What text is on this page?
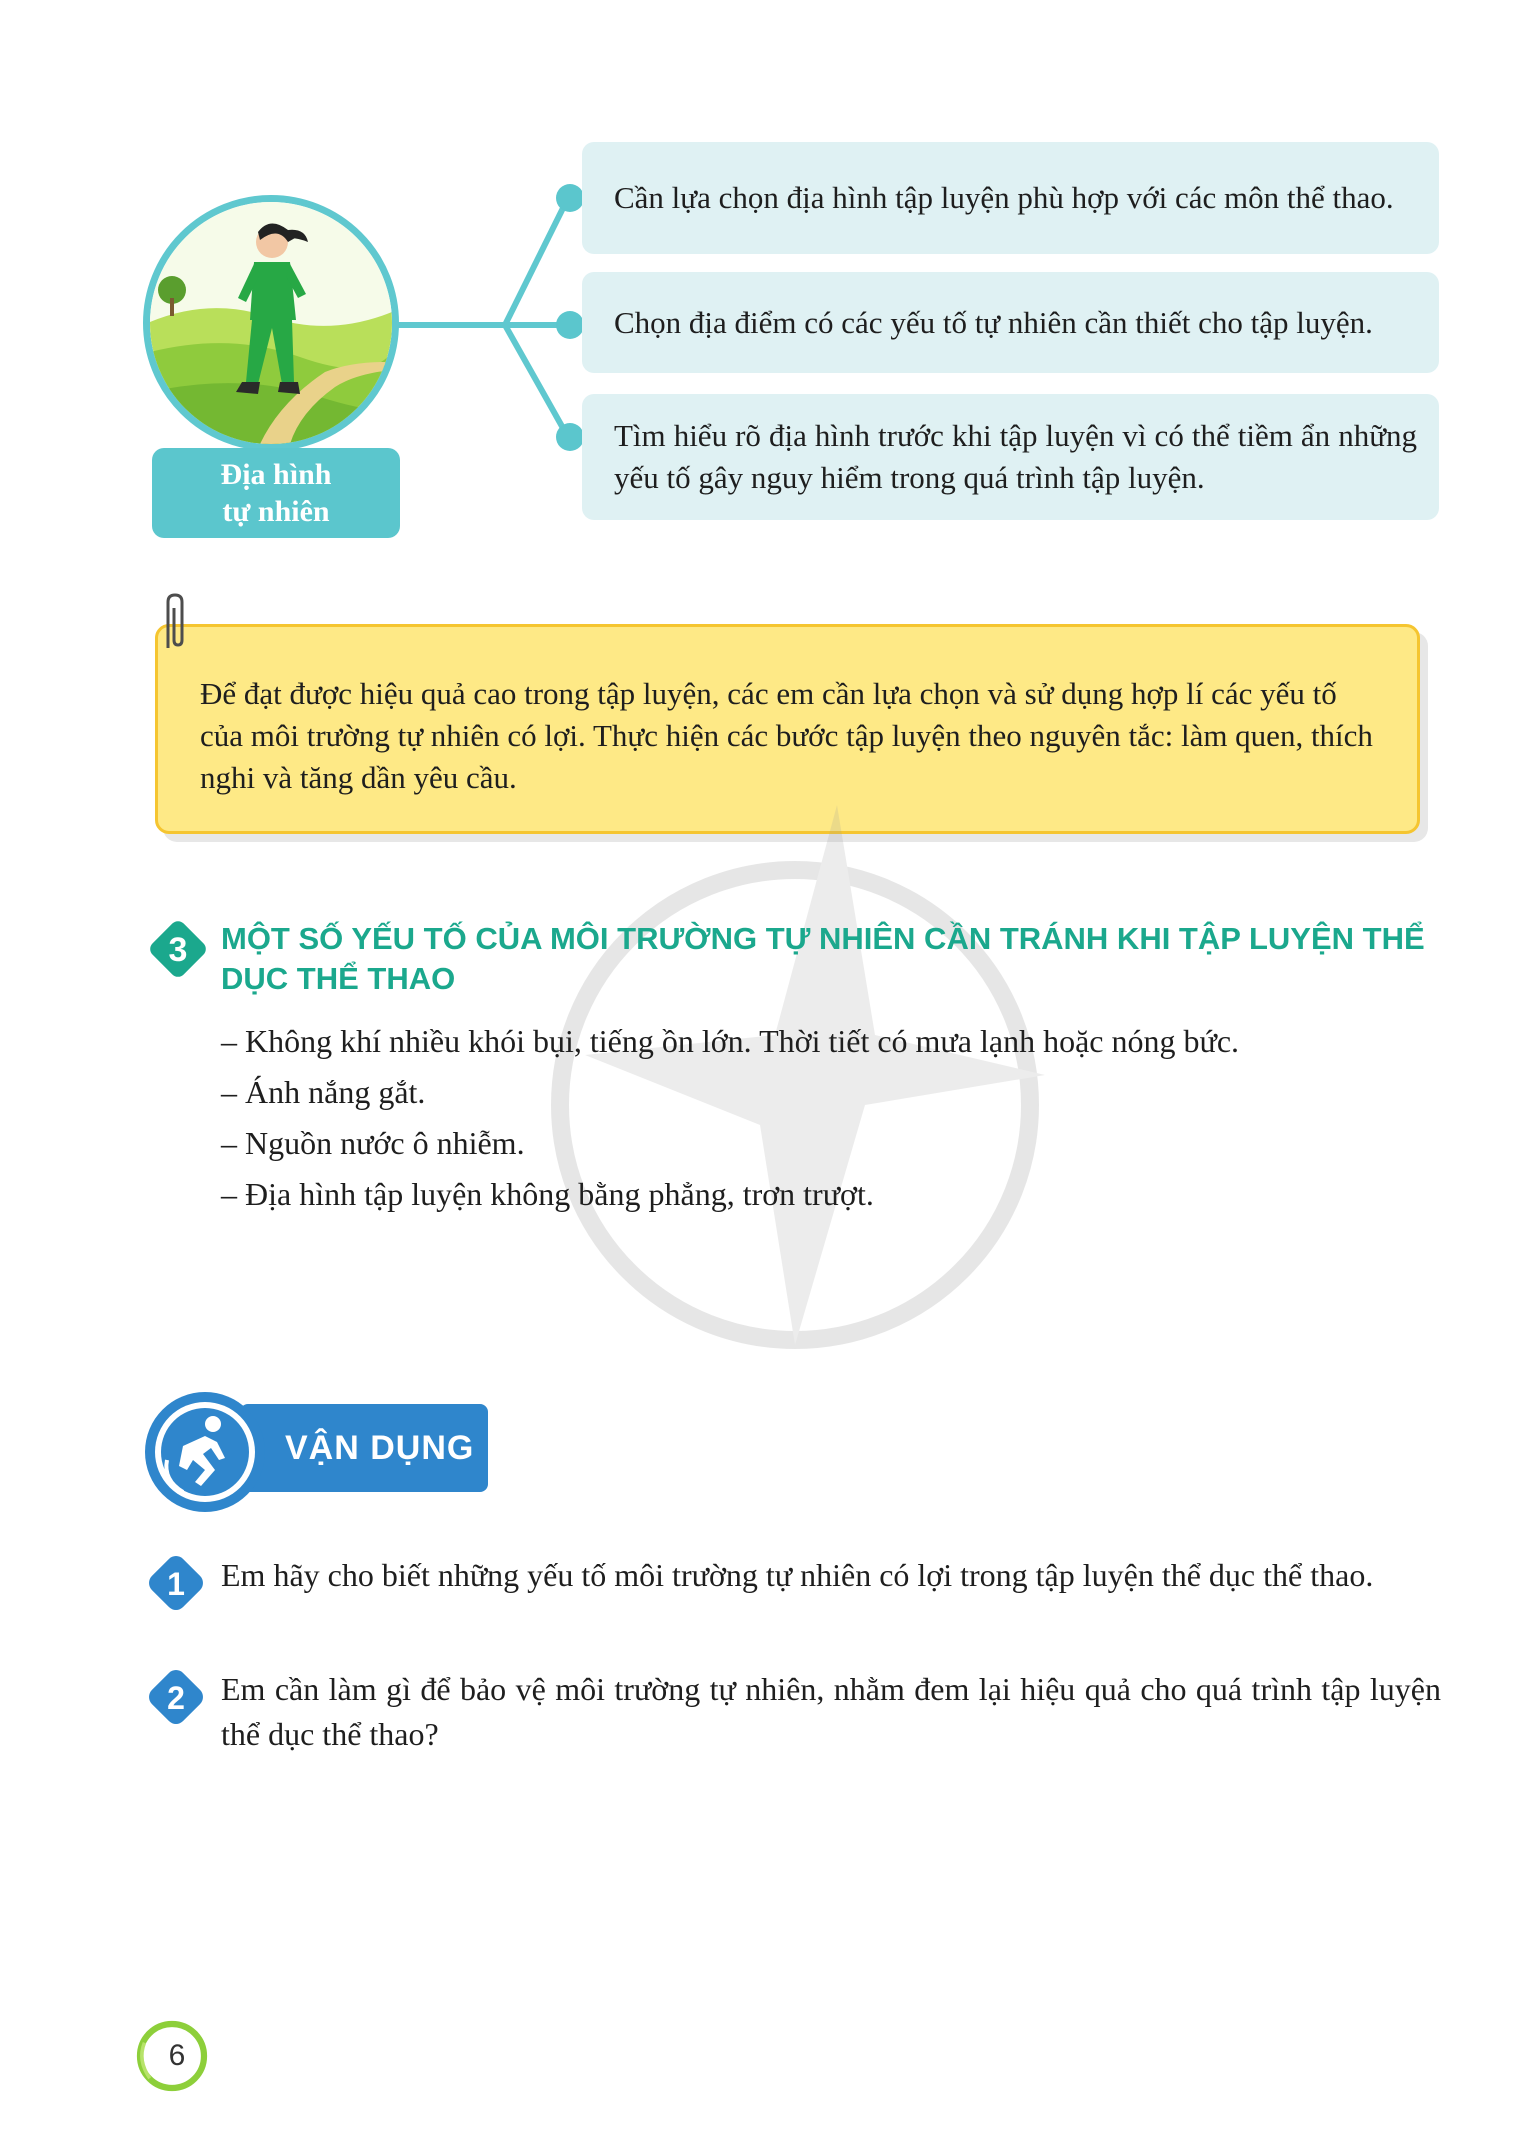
Địa hình
tự nhiên
Cần lựa chọn địa hình tập luyện phù hợp với các môn thể thao.
Chọn địa điểm có các yếu tố tự nhiên cần thiết cho tập luyện.
Tìm hiểu rõ địa hình trước khi tập luyện vì có thể tiềm ẩn những yếu tố gây nguy hiểm trong quá trình tập luyện.
Để đạt được hiệu quả cao trong tập luyện, các em cần lựa chọn và sử dụng hợp lí các yếu tố của môi trường tự nhiên có lợi. Thực hiện các bước tập luyện theo nguyên tắc: làm quen, thích nghi và tăng dần yêu cầu.
3 MỘT SỐ YẾU TỐ CỦA MÔI TRƯỜNG TỰ NHIÊN CẦN TRÁNH KHI TẬP LUYỆN THỂ DỤC THỂ THAO
– Không khí nhiều khói bụi, tiếng ồn lớn. Thời tiết có mưa lạnh hoặc nóng bức.
– Ánh nắng gắt.
– Nguồn nước ô nhiễm.
– Địa hình tập luyện không bằng phẳng, trơn trượt.
VẬN DỤNG
1 Em hãy cho biết những yếu tố môi trường tự nhiên có lợi trong tập luyện thể dục thể thao.
2 Em cần làm gì để bảo vệ môi trường tự nhiên, nhằm đem lại hiệu quả cho quá trình tập luyện thể dục thể thao?
6
